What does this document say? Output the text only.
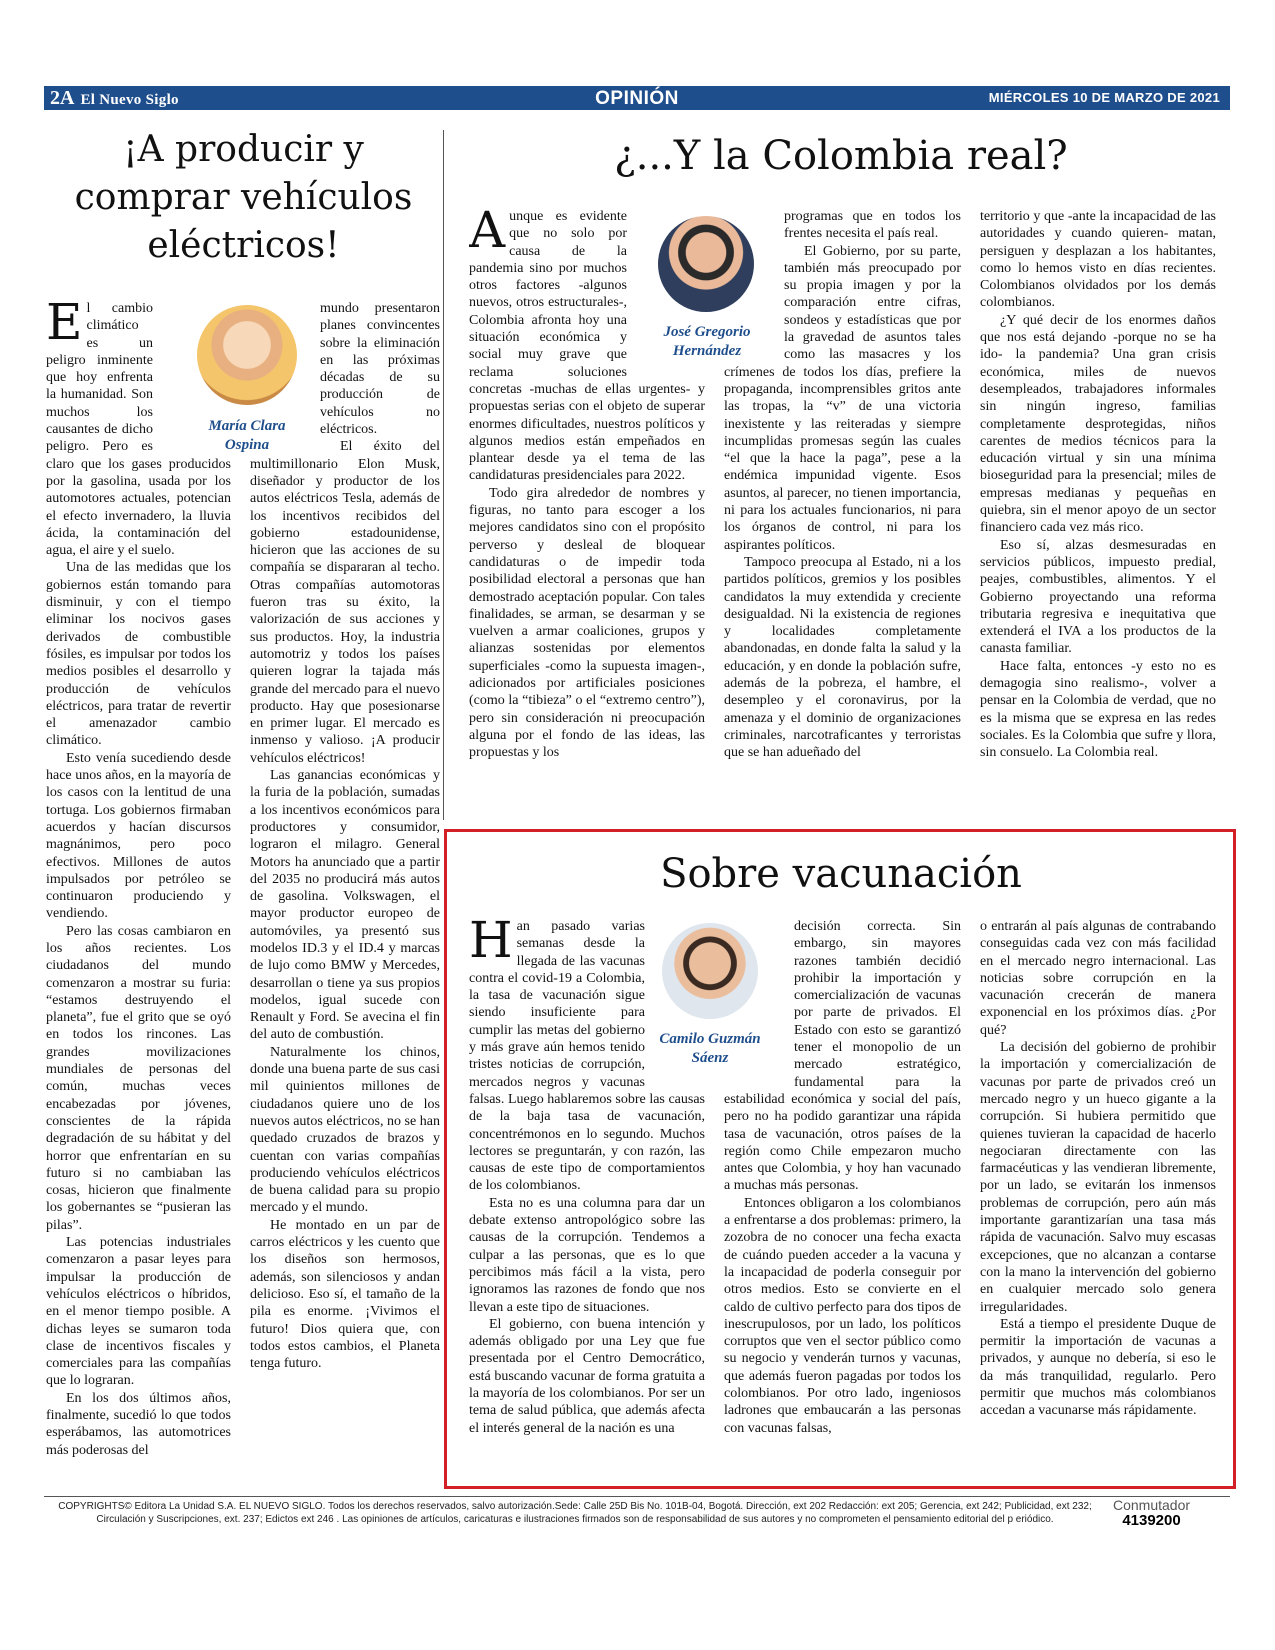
2A El Nuevo Siglo	OPINIÓN	MIÉRCOLES 10 DE MARZO DE 2021
¡A producir y comprar vehículos eléctricos!
María Clara Ospina

El cambio climático es un peligro inminente que hoy enfrenta la humanidad. Son muchos los causantes de dicho peligro. Pero es claro que los gases producidos por la gasolina, usada por los automotores actuales, potencian el efecto invernadero, la lluvia ácida, la contaminación del agua, el aire y el suelo.

Una de las medidas que los gobiernos están tomando para disminuir, y con el tiempo eliminar los nocivos gases derivados de combustible fósiles, es impulsar por todos los medios posibles el desarrollo y producción de vehículos eléctricos, para tratar de revertir el amenazador cambio climático.

Esto venía sucediendo desde hace unos años, en la mayoría de los casos con la lentitud de una tortuga. Los gobiernos firmaban acuerdos y hacían discursos magnánimos, pero poco efectivos. Millones de autos impulsados por petróleo se continuaron produciendo y vendiendo.

Pero las cosas cambiaron en los años recientes. Los ciudadanos del mundo comenzaron a mostrar su furia: “estamos destruyendo el planeta”, fue el grito que se oyó en todos los rincones. Las grandes movilizaciones mundiales de personas del común, muchas veces encabezadas por jóvenes, conscientes de la rápida degradación de su hábitat y del horror que enfrentarían en su futuro si no cambiaban las cosas, hicieron que finalmente los gobernantes se “pusieran las pilas”.

Las potencias industriales comenzaron a pasar leyes para impulsar la producción de vehículos eléctricos o híbridos, en el menor tiempo posible. A dichas leyes se sumaron toda clase de incentivos fiscales y comerciales para las compañías que lo lograran.

En los dos últimos años, finalmente, sucedió lo que todos esperábamos, las automotrices más poderosas del

mundo presentaron planes convincentes sobre la eliminación en las próximas décadas de su producción de vehículos no eléctricos.

El éxito del multimillonario Elon Musk, diseñador y productor de los autos eléctricos Tesla, además de los incentivos recibidos del gobierno estadounidense, hicieron que las acciones de su compañía se dispararan al techo. Otras compañías automotoras fueron tras su éxito, la valorización de sus acciones y sus productos. Hoy, la industria automotriz y todos los países quieren lograr la tajada más grande del mercado para el nuevo producto. Hay que posesionarse en primer lugar. El mercado es inmenso y valioso. ¡A producir vehículos eléctricos!

Las ganancias económicas y la furia de la población, sumadas a los incentivos económicos para productores y consumidor, lograron el milagro. General Motors ha anunciado que a partir del 2035 no producirá más autos de gasolina. Volkswagen, el mayor productor europeo de automóviles, ya presentó sus modelos ID.3 y el ID.4 y marcas de lujo como BMW y Mercedes, desarrollan o tiene ya sus propios modelos, igual sucede con Renault y Ford. Se avecina el fin del auto de combustión.

Naturalmente los chinos, donde una buena parte de sus casi mil quinientos millones de ciudadanos quiere uno de los nuevos autos eléctricos, no se han quedado cruzados de brazos y cuentan con varias compañías produciendo vehículos eléctricos de buena calidad para su propio mercado y el mundo.

He montado en un par de carros eléctricos y les cuento que los diseños son hermosos, además, son silenciosos y andan delicioso. Eso sí, el tamaño de la pila es enorme. ¡Vivimos el futuro! Dios quiera que, con todos estos cambios, el Planeta tenga futuro.

¿...Y la Colombia real?
José Gregorio Hernández

Aunque es evidente que no solo por causa de la pandemia sino por muchos otros factores -algunos nuevos, otros estructurales-, Colombia afronta hoy una situación económica y social muy grave que reclama soluciones concretas -muchas de ellas urgentes- y propuestas serias con el objeto de superar enormes dificultades, nuestros políticos y algunos medios están empeñados en plantear desde ya el tema de las candidaturas presidenciales para 2022.

Todo gira alrededor de nombres y figuras, no tanto para escoger a los mejores candidatos sino con el propósito perverso y desleal de bloquear candidaturas o de impedir toda posibilidad electoral a personas que han demostrado aceptación popular. Con tales finalidades, se arman, se desarman y se vuelven a armar coaliciones, grupos y alianzas sostenidas por elementos superficiales -como la supuesta imagen-, adicionados por artificiales posiciones (como la “tibieza” o el “extremo centro”), pero sin consideración ni preocupación alguna por el fondo de las ideas, las propuestas y los

programas que en todos los frentes necesita el país real.

El Gobierno, por su parte, también más preocupado por su propia imagen y por la comparación entre cifras, sondeos y estadísticas que por la gravedad de asuntos tales como las masacres y los crímenes de todos los días, prefiere la propaganda, incomprensibles gritos ante las tropas, la “v” de una victoria inexistente y las reiteradas y siempre incumplidas promesas según las cuales “el que la hace la paga”, pese a la endémica impunidad vigente. Esos asuntos, al parecer, no tienen importancia, ni para los actuales funcionarios, ni para los órganos de control, ni para los aspirantes políticos.

Tampoco preocupa al Estado, ni a los partidos políticos, gremios y los posibles candidatos la muy extendida y creciente desigualdad. Ni la existencia de regiones y localidades completamente abandonadas, en donde falta la salud y la educación, y en donde la población sufre, además de la pobreza, el hambre, el desempleo y el coronavirus, por la amenaza y el dominio de organizaciones criminales, narcotraficantes y terroristas que se han adueñado del

territorio y que -ante la incapacidad de las autoridades y cuando quieren- matan, persiguen y desplazan a los habitantes, como lo hemos visto en días recientes. Colombianos olvidados por los demás colombianos.

¿Y qué decir de los enormes daños que nos está dejando -porque no se ha ido- la pandemia? Una gran crisis económica, miles de nuevos desempleados, trabajadores informales sin ningún ingreso, familias completamente desprotegidas, niños carentes de medios técnicos para la educación virtual y sin una mínima bioseguridad para la presencial; miles de empresas medianas y pequeñas en quiebra, sin el menor apoyo de un sector financiero cada vez más rico.

Eso sí, alzas desmesuradas en servicios públicos, impuesto predial, peajes, combustibles, alimentos. Y el Gobierno proyectando una reforma tributaria regresiva e inequitativa que extenderá el IVA a los productos de la canasta familiar.

Hace falta, entonces -y esto no es demagogia sino realismo-, volver a pensar en la Colombia de verdad, que no es la misma que se expresa en las redes sociales. Es la Colombia que sufre y llora, sin consuelo. La Colombia real.

Sobre vacunación
Camilo Guzmán Sáenz

Han pasado varias semanas desde la llegada de las vacunas contra el covid-19 a Colombia, la tasa de vacunación sigue siendo insuficiente para cumplir las metas del gobierno y más grave aún hemos tenido tristes noticias de corrupción, mercados negros y vacunas falsas. Luego hablaremos sobre las causas de la baja tasa de vacunación, concentrémonos en lo segundo. Muchos lectores se preguntarán, y con razón, las causas de este tipo de comportamientos de los colombianos.

Esta no es una columna para dar un debate extenso antropológico sobre las causas de la corrupción. Tendemos a culpar a las personas, que es lo que percibimos más fácil a la vista, pero ignoramos las razones de fondo que nos llevan a este tipo de situaciones.

El gobierno, con buena intención y además obligado por una Ley que fue presentada por el Centro Democrático, está buscando vacunar de forma gratuita a la mayoría de los colombianos. Por ser un tema de salud pública, que además afecta el interés general de la nación es una

decisión correcta. Sin embargo, sin mayores razones también decidió prohibir la importación y comercialización de vacunas por parte de privados. El Estado con esto se garantizó tener el monopolio de un mercado estratégico, fundamental para la estabilidad económica y social del país, pero no ha podido garantizar una rápida tasa de vacunación, otros países de la región como Chile empezaron mucho antes que Colombia, y hoy han vacunado a muchas más personas.

Entonces obligaron a los colombianos a enfrentarse a dos problemas: primero, la zozobra de no conocer una fecha exacta de cuándo pueden acceder a la vacuna y la incapacidad de poderla conseguir por otros medios. Esto se convierte en el caldo de cultivo perfecto para dos tipos de inescrupulosos, por un lado, los políticos corruptos que ven el sector público como su negocio y venderán turnos y vacunas, que además fueron pagadas por todos los colombianos. Por otro lado, ingeniosos ladrones que embaucarán a las personas con vacunas falsas,

o entrarán al país algunas de contrabando conseguidas cada vez con más facilidad en el mercado negro internacional. Las noticias sobre corrupción en la vacunación crecerán de manera exponencial en los próximos días. ¿Por qué?

La decisión del gobierno de prohibir la importación y comercialización de vacunas por parte de privados creó un mercado negro y un hueco gigante a la corrupción. Si hubiera permitido que quienes tuvieran la capacidad de hacerlo negociaran directamente con las farmacéuticas y las vendieran libremente, por un lado, se evitarán los inmensos problemas de corrupción, pero aún más importante garantizarían una tasa más rápida de vacunación. Salvo muy escasas excepciones, que no alcanzan a contarse con la mano la intervención del gobierno en cualquier mercado solo genera irregularidades.

Está a tiempo el presidente Duque de permitir la importación de vacunas a privados, y aunque no debería, si eso le da más tranquilidad, regularlo. Pero permitir que muchos más colombianos accedan a vacunarse más rápidamente.

COPYRIGHTS© Editora La Unidad S.A. EL NUEVO SIGLO. Todos los derechos reservados, salvo autorización.Sede: Calle 25D Bis No. 101B-04, Bogotá. Dirección, ext 202 Redacción: ext 205; Gerencia, ext 242; Publicidad, ext 232;
Circulación y Suscripciones, ext. 237; Edictos ext 246 . Las opiniones de artículos, caricaturas e ilustraciones firmados son de responsabilidad de sus autores y no comprometen el pensamiento editorial del p eriódico.
Conmutador
4139200
